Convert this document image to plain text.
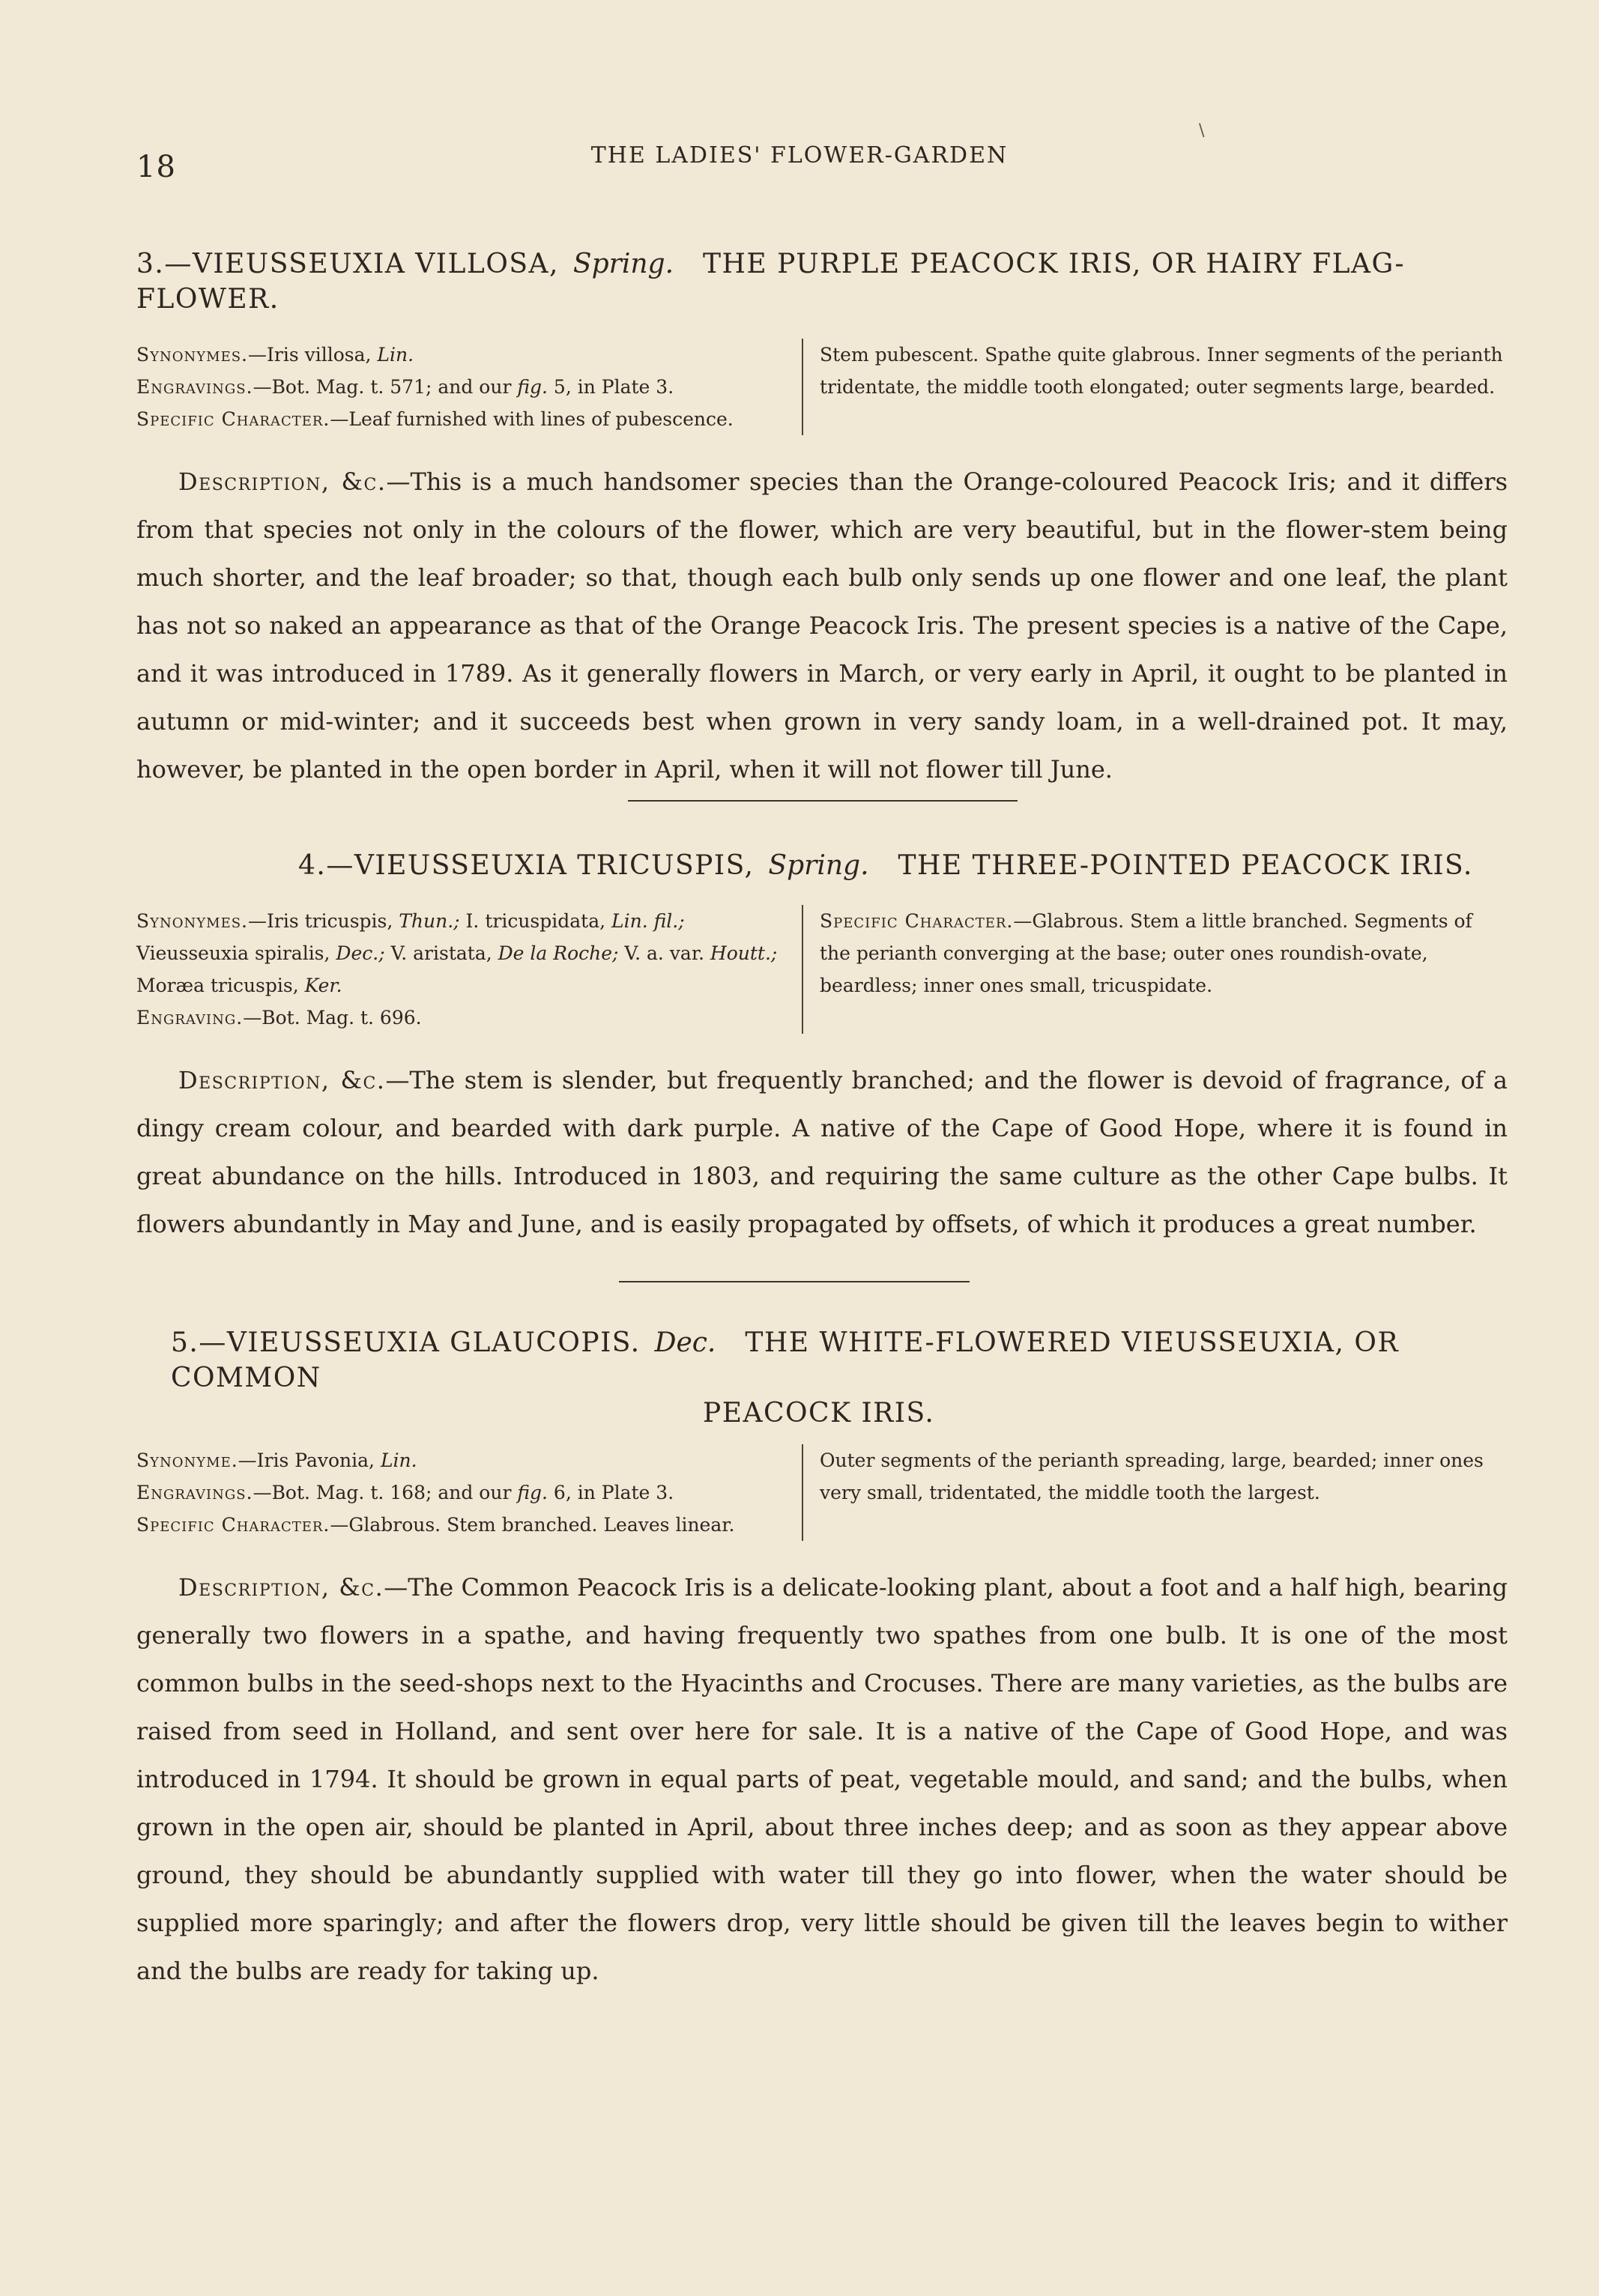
18	THE LADIES' FLOWER-GARDEN
\
3.—VIEUSSEUXIA VILLOSA, Spring. THE PURPLE PEACOCK IRIS, OR HAIRY FLAG-FLOWER.
Synonymes.—Iris villosa, Lin.
Engravings.—Bot. Mag. t. 571; and our fig. 5, in Plate 3.
Specific Character.—Leaf furnished with lines of pubescence.
Stem pubescent. Spathe quite glabrous. Inner segments of the perianth tridentate, the middle tooth elongated; outer segments large, bearded.
Description, &c.—This is a much handsomer species than the Orange-coloured Peacock Iris; and it differs from that species not only in the colours of the flower, which are very beautiful, but in the flower-stem being much shorter, and the leaf broader; so that, though each bulb only sends up one flower and one leaf, the plant has not so naked an appearance as that of the Orange Peacock Iris. The present species is a native of the Cape, and it was introduced in 1789. As it generally flowers in March, or very early in April, it ought to be planted in autumn or mid-winter; and it succeeds best when grown in very sandy loam, in a well-drained pot. It may, however, be planted in the open border in April, when it will not flower till June.
4.—VIEUSSEUXIA TRICUSPIS, Spring. THE THREE-POINTED PEACOCK IRIS.
Synonymes.—Iris tricuspis, Thun.; I. tricuspidata, Lin. fil.; Vieusseuxia spiralis, Dec.; V. aristata, De la Roche; V. a. var. Houtt.; Moræa tricuspis, Ker.
Engraving.—Bot. Mag. t. 696.
Specific Character.—Glabrous. Stem a little branched. Segments of the perianth converging at the base; outer ones roundish-ovate, beardless; inner ones small, tricuspidate.
Description, &c.—The stem is slender, but frequently branched; and the flower is devoid of fragrance, of a dingy cream colour, and bearded with dark purple. A native of the Cape of Good Hope, where it is found in great abundance on the hills. Introduced in 1803, and requiring the same culture as the other Cape bulbs. It flowers abundantly in May and June, and is easily propagated by offsets, of which it produces a great number.
5.—VIEUSSEUXIA GLAUCOPIS. Dec. THE WHITE-FLOWERED VIEUSSEUXIA, OR COMMON
PEACOCK IRIS.
Synonyme.—Iris Pavonia, Lin.
Engravings.—Bot. Mag. t. 168; and our fig. 6, in Plate 3.
Specific Character.—Glabrous. Stem branched. Leaves linear.
Outer segments of the perianth spreading, large, bearded; inner ones very small, tridentated, the middle tooth the largest.
Description, &c.—The Common Peacock Iris is a delicate-looking plant, about a foot and a half high, bearing generally two flowers in a spathe, and having frequently two spathes from one bulb. It is one of the most common bulbs in the seed-shops next to the Hyacinths and Crocuses. There are many varieties, as the bulbs are raised from seed in Holland, and sent over here for sale. It is a native of the Cape of Good Hope, and was introduced in 1794. It should be grown in equal parts of peat, vegetable mould, and sand; and the bulbs, when grown in the open air, should be planted in April, about three inches deep; and as soon as they appear above ground, they should be abundantly supplied with water till they go into flower, when the water should be supplied more sparingly; and after the flowers drop, very little should be given till the leaves begin to wither and the bulbs are ready for taking up.
